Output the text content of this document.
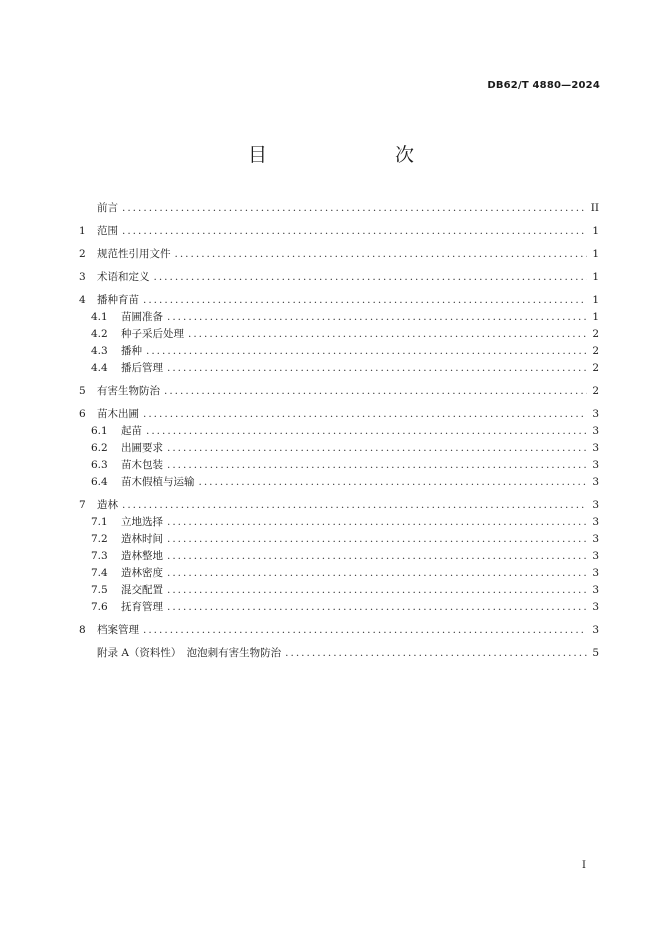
DB62/T 4880—2024
目　　次
前言 .....	II
1	范围 .....	1
2	规范性引用文件 .....	1
3	术语和定义 .....	1
4	播种育苗 .....	1
4.1	苗圃准备 .....	1
4.2	种子采后处理 .....	2
4.3	播种 .....	2
4.4	播后管理 .....	2
5	有害生物防治 .....	2
6	苗木出圃 .....	3
6.1	起苗 .....	3
6.2	出圃要求 .....	3
6.3	苗木包装 .....	3
6.4	苗木假植与运输 .....	3
7	造林 .....	3
7.1	立地选择 .....	3
7.2	造林时间 .....	3
7.3	造林整地 .....	3
7.4	造林密度 .....	3
7.5	混交配置 .....	3
7.6	抚育管理 .....	3
8	档案管理 .....	3
附录 A（资料性）　泡泡刺有害生物防治 .....	5
I
